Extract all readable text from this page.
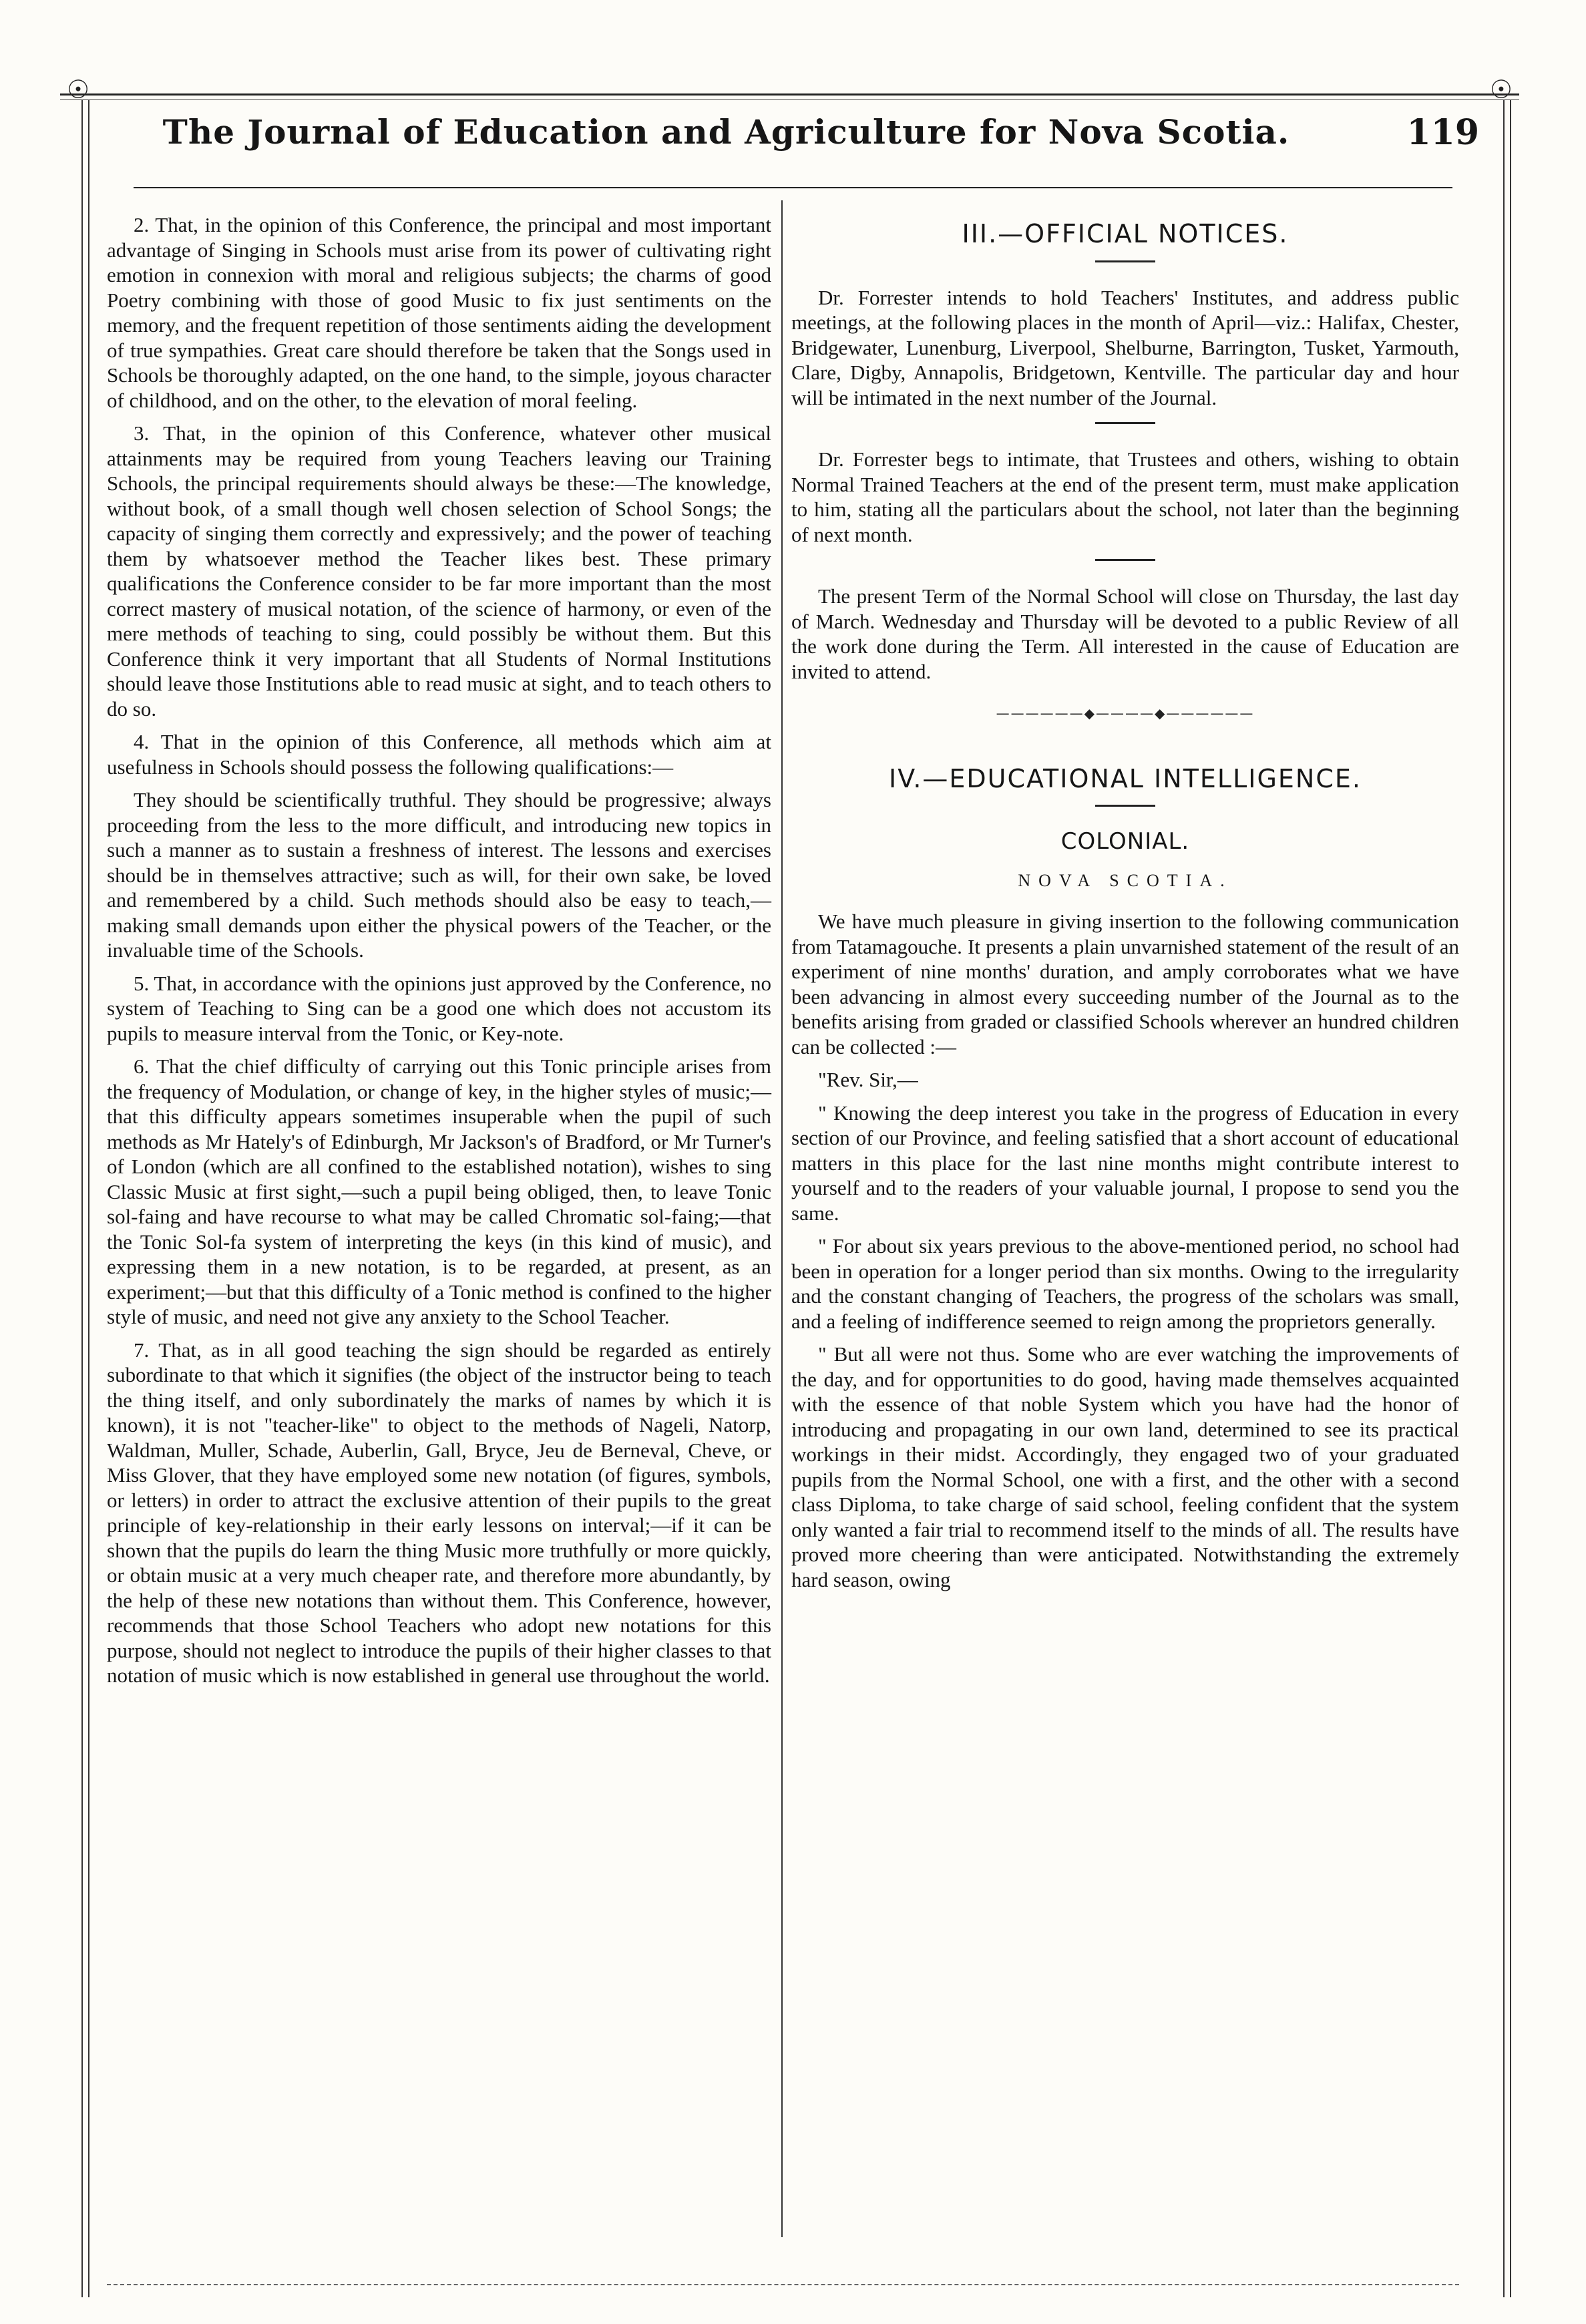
☉	☉
The Journal of Education and Agriculture for Nova Scotia.	119

2. That, in the opinion of this Conference, the principal and most important advantage of Singing in Schools must arise from its power of cultivating right emotion in connexion with moral and religious subjects; the charms of good Poetry combining with those of good Music to fix just sentiments on the memory, and the frequent repetition of those sentiments aiding the development of true sympathies. Great care should therefore be taken that the Songs used in Schools be thoroughly adapted, on the one hand, to the simple, joyous character of childhood, and on the other, to the elevation of moral feeling.

3. That, in the opinion of this Conference, whatever other musical attainments may be required from young Teachers leaving our Training Schools, the principal requirements should always be these:—The knowledge, without book, of a small though well chosen selection of School Songs; the capacity of singing them correctly and expressively; and the power of teaching them by whatsoever method the Teacher likes best. These primary qualifications the Conference consider to be far more important than the most correct mastery of musical notation, of the science of harmony, or even of the mere methods of teaching to sing, could possibly be without them. But this Conference think it very important that all Students of Normal Institutions should leave those Institutions able to read music at sight, and to teach others to do so.

4. That in the opinion of this Conference, all methods which aim at usefulness in Schools should possess the following qualifications:—

They should be scientifically truthful. They should be progressive; always proceeding from the less to the more difficult, and introducing new topics in such a manner as to sustain a freshness of interest. The lessons and exercises should be in themselves attractive; such as will, for their own sake, be loved and remembered by a child. Such methods should also be easy to teach,—making small demands upon either the physical powers of the Teacher, or the invaluable time of the Schools.

5. That, in accordance with the opinions just approved by the Conference, no system of Teaching to Sing can be a good one which does not accustom its pupils to measure interval from the Tonic, or Key-note.

6. That the chief difficulty of carrying out this Tonic principle arises from the frequency of Modulation, or change of key, in the higher styles of music;—that this difficulty appears sometimes insuperable when the pupil of such methods as Mr Hately's of Edinburgh, Mr Jackson's of Bradford, or Mr Turner's of London (which are all confined to the established notation), wishes to sing Classic Music at first sight,—such a pupil being obliged, then, to leave Tonic sol-faing and have recourse to what may be called Chromatic sol-faing;—that the Tonic Sol-fa system of interpreting the keys (in this kind of music), and expressing them in a new notation, is to be regarded, at present, as an experiment;—but that this difficulty of a Tonic method is confined to the higher style of music, and need not give any anxiety to the School Teacher.

7. That, as in all good teaching the sign should be regarded as entirely subordinate to that which it signifies (the object of the instructor being to teach the thing itself, and only subordinately the marks of names by which it is known), it is not "teacher-like" to object to the methods of Nageli, Natorp, Waldman, Muller, Schade, Auberlin, Gall, Bryce, Jeu de Berneval, Cheve, or Miss Glover, that they have employed some new notation (of figures, symbols, or letters) in order to attract the exclusive attention of their pupils to the great principle of key-relationship in their early lessons on interval;—if it can be shown that the pupils do learn the thing Music more truthfully or more quickly, or obtain music at a very much cheaper rate, and therefore more abundantly, by the help of these new notations than without them. This Conference, however, recommends that those School Teachers who adopt new notations for this purpose, should not neglect to introduce the pupils of their higher classes to that notation of music which is now established in general use throughout the world.

III.—OFFICIAL NOTICES.

Dr. Forrester intends to hold Teachers' Institutes, and address public meetings, at the following places in the month of April—viz.: Halifax, Chester, Bridgewater, Lunenburg, Liverpool, Shelburne, Barrington, Tusket, Yarmouth, Clare, Digby, Annapolis, Bridgetown, Kentville. The particular day and hour will be intimated in the next number of the Journal.

Dr. Forrester begs to intimate, that Trustees and others, wishing to obtain Normal Trained Teachers at the end of the present term, must make application to him, stating all the particulars about the school, not later than the beginning of next month.

The present Term of the Normal School will close on Thursday, the last day of March. Wednesday and Thursday will be devoted to a public Review of all the work done during the Term. All interested in the cause of Education are invited to attend.

——————◆————◆——————
IV.—EDUCATIONAL INTELLIGENCE.
COLONIAL.
NOVA SCOTIA.

We have much pleasure in giving insertion to the following communication from Tatamagouche. It presents a plain unvarnished statement of the result of an experiment of nine months' duration, and amply corroborates what we have been advancing in almost every succeeding number of the Journal as to the benefits arising from graded or classified Schools wherever an hundred children can be collected :—

"Rev. Sir,—

" Knowing the deep interest you take in the progress of Education in every section of our Province, and feeling satisfied that a short account of educational matters in this place for the last nine months might contribute interest to yourself and to the readers of your valuable journal, I propose to send you the same.

" For about six years previous to the above-mentioned period, no school had been in operation for a longer period than six months. Owing to the irregularity and the constant changing of Teachers, the progress of the scholars was small, and a feeling of indifference seemed to reign among the proprietors generally.

" But all were not thus. Some who are ever watching the improvements of the day, and for opportunities to do good, having made themselves acquainted with the essence of that noble System which you have had the honor of introducing and propagating in our own land, determined to see its practical workings in their midst. Accordingly, they engaged two of your graduated pupils from the Normal School, one with a first, and the other with a second class Diploma, to take charge of said school, feeling confident that the system only wanted a fair trial to recommend itself to the minds of all. The results have proved more cheering than were anticipated. Notwithstanding the extremely hard season, owing
